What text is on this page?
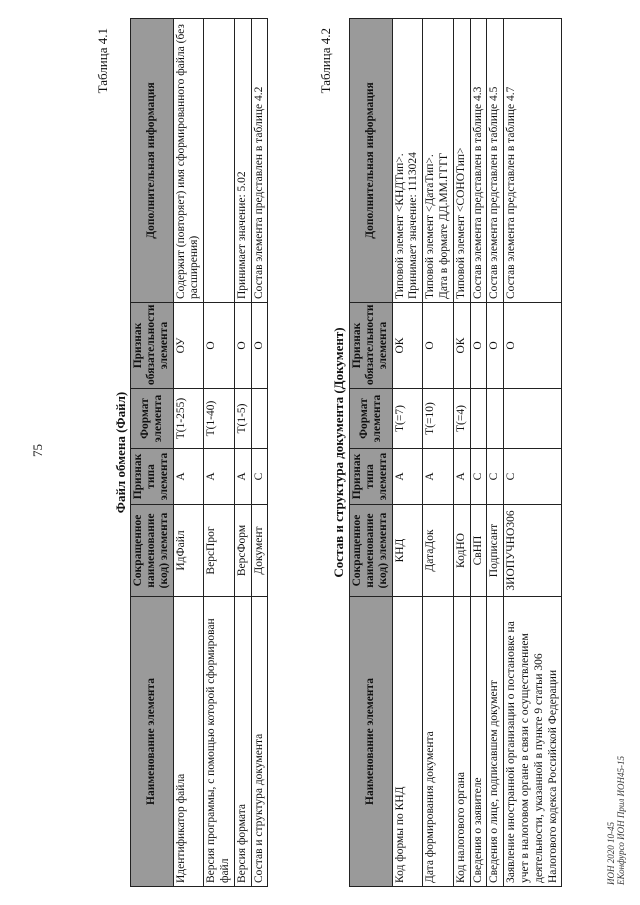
75
Таблица 4.1
Файл обмена (Файл)
Наименование элемента	Сокращенное наименование (код) элемента	Признак типа элемента	Формат элемента	Признак обязательности элемента	Дополнительная информация
Идентификатор файла	ИдФайл	А	T(1-255)	ОУ	Содержит (повторяет) имя сформированного файла (без расширения)
Версия программы, с помощью которой сформирован файл	ВерсПрог	А	T(1-40)	О	
Версия формата	ВерсФорм	А	T(1-5)	О	Принимает значение: 5.02
Состав и структура документа	Документ	С		О	Состав элемента представлен в таблице 4.2
Таблица 4.2
Состав и структура документа (Документ)
Наименование элемента	Сокращенное наименование (код) элемента	Признак типа элемента	Формат элемента	Признак обязательности элемента	Дополнительная информация
Код формы по КНД	КНД	А	T(=7)	ОК	Типовой элемент <КНДТип>.
Принимает значение: 1113024
Дата формирования документа	ДатаДок	А	T(=10)	О	Типовой элемент <ДатаТип>.
Дата в формате ДД.ММ.ГГГГ
Код налогового органа	КодНО	А	T(=4)	ОК	Типовой элемент <СОНОТип>
Сведения о заявителе	СвНП	С		О	Состав элемента представлен в таблице 4.3
Сведения о лице, подписавшем документ	Подписант	С		О	Состав элемента представлен в таблице 4.5
Заявление иностранной организации о постановке на учет в налоговом органе в связи с осуществлением деятельности, указанной в пункте 9 статьи 306 Налогового кодекса Российской Федерации	ЗИОПУЧНО306	С		О	Состав элемента представлен в таблице 4.7
ИОН 2020 10-45
ЕКонфурсо ИОН Прил ИОН45-15
